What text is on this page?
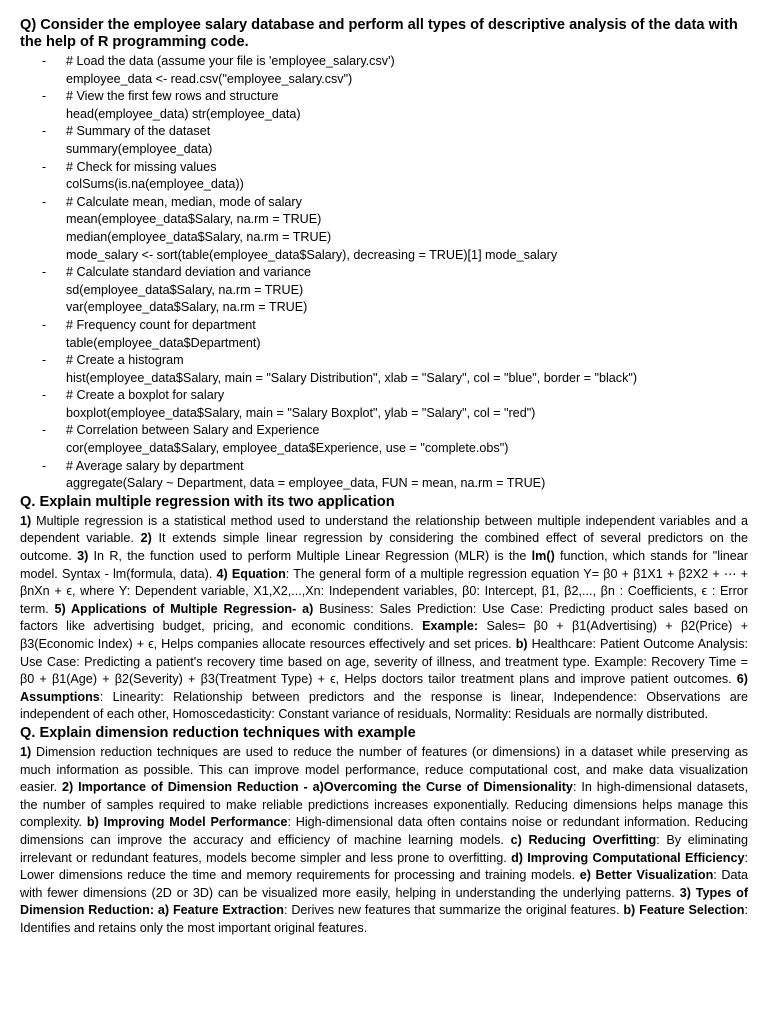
Q) Consider the employee salary database and perform all types of descriptive analysis of the data with the help of R programming code.
- # Load the data (assume your file is 'employee_salary.csv')
employee_data <- read.csv("employee_salary.csv")
- # View the first few rows and structure
head(employee_data) str(employee_data)
- # Summary of the dataset
summary(employee_data)
- # Check for missing values
colSums(is.na(employee_data))
- # Calculate mean, median, mode of salary
mean(employee_data$Salary, na.rm = TRUE)
median(employee_data$Salary, na.rm = TRUE)
mode_salary <- sort(table(employee_data$Salary), decreasing = TRUE)[1] mode_salary
- # Calculate standard deviation and variance
sd(employee_data$Salary, na.rm = TRUE)
var(employee_data$Salary, na.rm = TRUE)
- # Frequency count for department
table(employee_data$Department)
- # Create a histogram
hist(employee_data$Salary, main = "Salary Distribution", xlab = "Salary", col = "blue", border = "black")
- # Create a boxplot for salary
boxplot(employee_data$Salary, main = "Salary Boxplot", ylab = "Salary", col = "red")
- # Correlation between Salary and Experience
cor(employee_data$Salary, employee_data$Experience, use = "complete.obs")
- # Average salary by department
aggregate(Salary ~ Department, data = employee_data, FUN = mean, na.rm = TRUE)
Q. Explain multiple regression with its two application

1) Multiple regression is a statistical method used to understand the relationship between multiple independent variables and a dependent variable. 2) It extends simple linear regression by considering the combined effect of several predictors on the outcome. 3) In R, the function used to perform Multiple Linear Regression (MLR) is the lm() function, which stands for "linear model. Syntax - lm(formula, data). 4) Equation: The general form of a multiple regression equation Y= β0 + β1X1 + β2X2 + ⋯ + βnXn + ϵ, where Y: Dependent variable, X1,X2,...,Xn: Independent variables, β0: Intercept, β1, β2,..., βn : Coefficients, ϵ : Error term. 5) Applications of Multiple Regression- a) Business: Sales Prediction: Use Case: Predicting product sales based on factors like advertising budget, pricing, and economic conditions. Example: Sales= β0 + β1(Advertising) + β2(Price) + β3(Economic Index) + ϵ, Helps companies allocate resources effectively and set prices. b) Healthcare: Patient Outcome Analysis: Use Case: Predicting a patient's recovery time based on age, severity of illness, and treatment type. Example: Recovery Time = β0 + β1(Age) + β2(Severity) + β3(Treatment Type) + ϵ, Helps doctors tailor treatment plans and improve patient outcomes. 6) Assumptions: Linearity: Relationship between predictors and the response is linear, Independence: Observations are independent of each other, Homoscedasticity: Constant variance of residuals, Normality: Residuals are normally distributed.

Q. Explain dimension reduction techniques with example

1) Dimension reduction techniques are used to reduce the number of features (or dimensions) in a dataset while preserving as much information as possible. This can improve model performance, reduce computational cost, and make data visualization easier. 2) Importance of Dimension Reduction - a)Overcoming the Curse of Dimensionality: In high-dimensional datasets, the number of samples required to make reliable predictions increases exponentially. Reducing dimensions helps manage this complexity. b) Improving Model Performance: High-dimensional data often contains noise or redundant information. Reducing dimensions can improve the accuracy and efficiency of machine learning models. c) Reducing Overfitting: By eliminating irrelevant or redundant features, models become simpler and less prone to overfitting. d) Improving Computational Efficiency: Lower dimensions reduce the time and memory requirements for processing and training models. e) Better Visualization: Data with fewer dimensions (2D or 3D) can be visualized more easily, helping in understanding the underlying patterns. 3) Types of Dimension Reduction: a) Feature Extraction: Derives new features that summarize the original features. b) Feature Selection: Identifies and retains only the most important original features.
